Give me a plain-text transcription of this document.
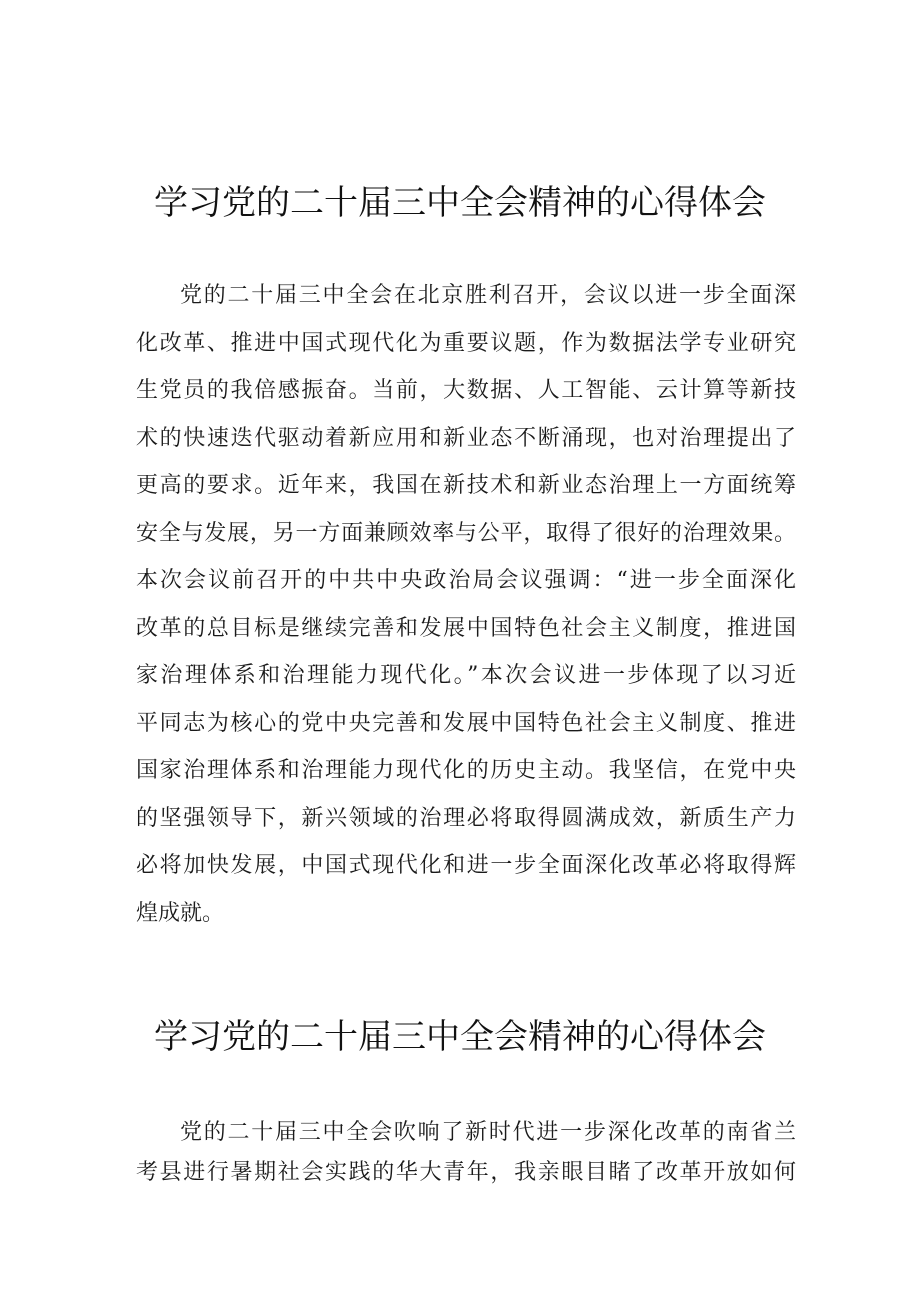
学习党的二十届三中全会精神的心得体会
党的二十届三中全会在北京胜利召开，会议以进一步全面深
化改革、推进中国式现代化为重要议题，作为数据法学专业研究
生党员的我倍感振奋。当前，大数据、人工智能、云计算等新技
术的快速迭代驱动着新应用和新业态不断涌现，也对治理提出了
更高的要求。近年来，我国在新技术和新业态治理上一方面统筹
安全与发展，另一方面兼顾效率与公平，取得了很好的治理效果。
本次会议前召开的中共中央政治局会议强调：“进一步全面深化
改革的总目标是继续完善和发展中国特色社会主义制度，推进国
家治理体系和治理能力现代化。”本次会议进一步体现了以习近
平同志为核心的党中央完善和发展中国特色社会主义制度、推进
国家治理体系和治理能力现代化的历史主动。我坚信，在党中央
的坚强领导下，新兴领域的治理必将取得圆满成效，新质生产力
必将加快发展，中国式现代化和进一步全面深化改革必将取得辉
煌成就。
学习党的二十届三中全会精神的心得体会
党的二十届三中全会吹响了新时代进一步深化改革的南省兰
考县进行暑期社会实践的华大青年，我亲眼目睹了改革开放如何
